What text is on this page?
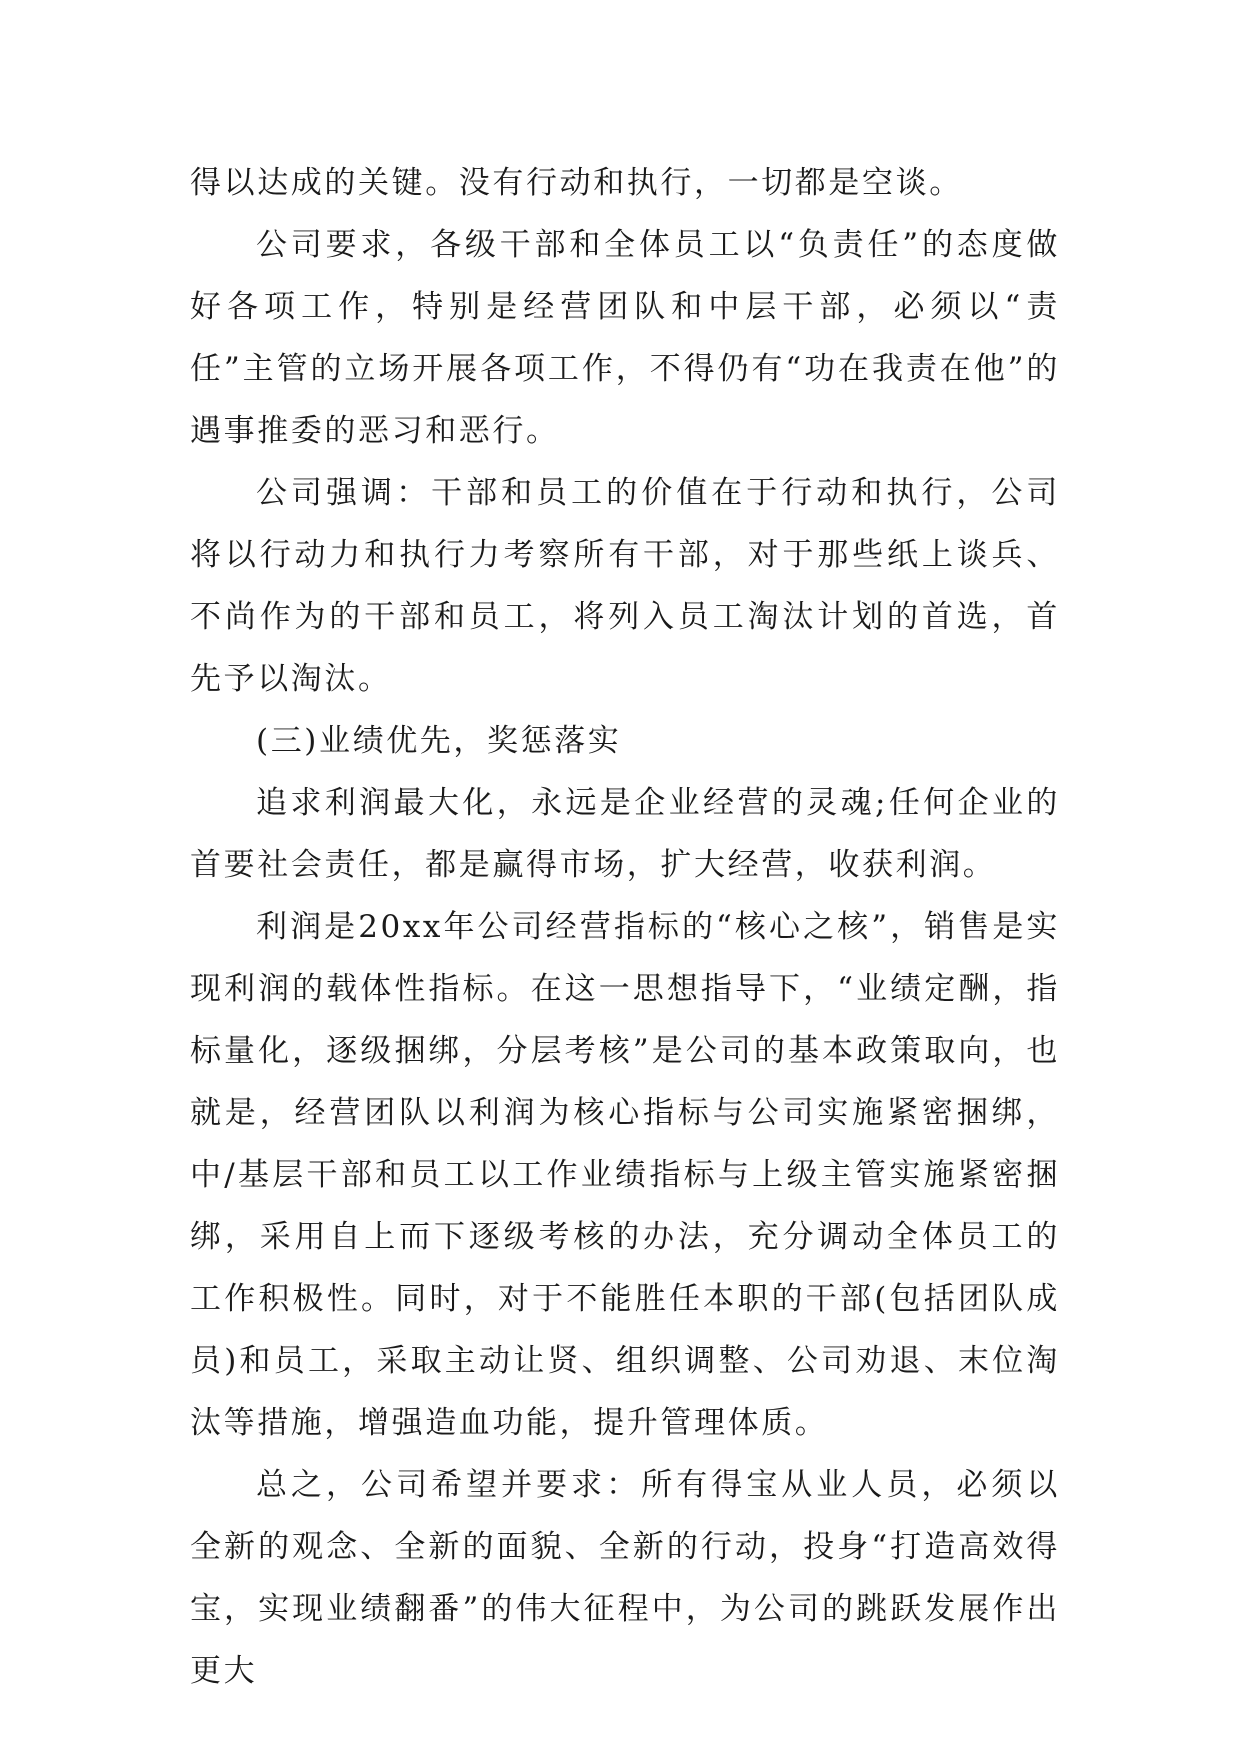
得以达成的关键。没有行动和执行，一切都是空谈。

公司要求，各级干部和全体员工以“负责任”的态度做好各项工作，特别是经营团队和中层干部，必须以“责任”主管的立场开展各项工作，不得仍有“功在我责在他”的遇事推委的恶习和恶行。

公司强调：干部和员工的价值在于行动和执行，公司将以行动力和执行力考察所有干部，对于那些纸上谈兵、不尚作为的干部和员工，将列入员工淘汰计划的首选，首先予以淘汰。

(三)业绩优先，奖惩落实

追求利润最大化，永远是企业经营的灵魂;任何企业的首要社会责任，都是赢得市场，扩大经营，收获利润。

利润是20xx年公司经营指标的“核心之核”，销售是实现利润的载体性指标。在这一思想指导下，“业绩定酬，指标量化，逐级捆绑，分层考核”是公司的基本政策取向，也就是，经营团队以利润为核心指标与公司实施紧密捆绑，中/基层干部和员工以工作业绩指标与上级主管实施紧密捆绑，采用自上而下逐级考核的办法，充分调动全体员工的工作积极性。同时，对于不能胜任本职的干部(包括团队成员)和员工，采取主动让贤、组织调整、公司劝退、末位淘汰等措施，增强造血功能，提升管理体质。

总之，公司希望并要求：所有得宝从业人员，必须以全新的观念、全新的面貌、全新的行动，投身“打造高效得宝，实现业绩翻番”的伟大征程中，为公司的跳跃发展作出更大
